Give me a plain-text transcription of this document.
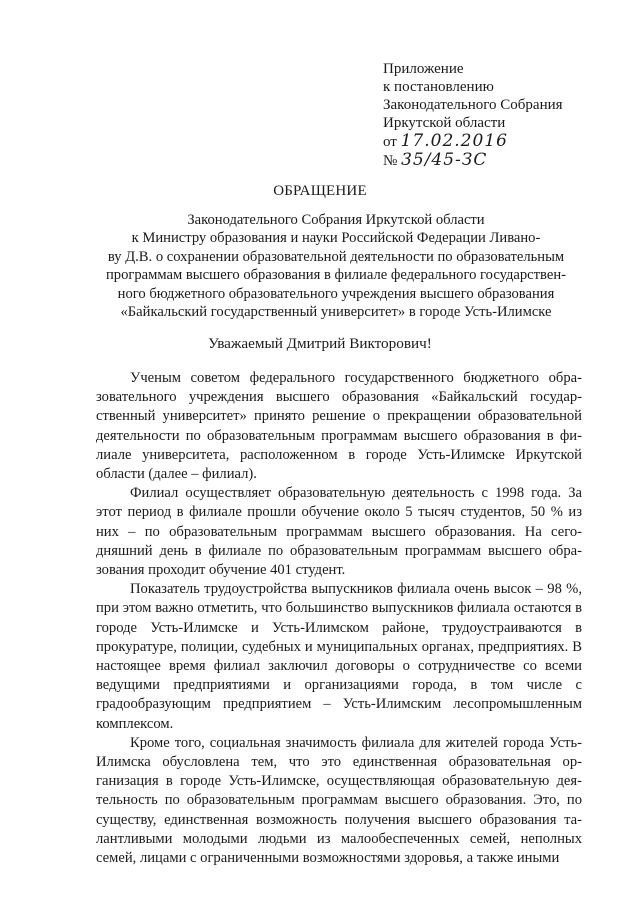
Приложение
к постановлению
Законодательного Собрания
Иркутской области
от 17.02.2016
№ 35/45-ЗС
ОБРАЩЕНИЕ
Законодательного Собрания Иркутской области
к Министру образования и науки Российской Федерации Ливано-
ву Д.В. о сохранении образовательной деятельности по образовательным
программам высшего образования в филиале федерального государствен-
ного бюджетного образовательного учреждения высшего образования
«Байкальский государственный университет» в городе Усть-Илимске
Уважаемый Дмитрий Викторович!

Ученым советом федерального государственного бюджетного образовательного учреждения высшего образования «Байкальский государственный университет» принято решение о прекращении образовательной деятельности по образовательным программам высшего образования в филиале университета, расположенном в городе Усть-Илимске Иркутской области (далее – филиал).

Филиал осуществляет образовательную деятельность с 1998 года. За этот период в филиале прошли обучение около 5 тысяч студентов, 50 % из них – по образовательным программам высшего образования. На сегодняшний день в филиале по образовательным программам высшего образования проходит обучение 401 студент.

Показатель трудоустройства выпускников филиала очень высок – 98 %, при этом важно отметить, что большинство выпускников филиала остаются в городе Усть-Илимске и Усть-Илимском районе, трудоустраиваются в прокуратуре, полиции, судебных и муниципальных органах, предприятиях. В настоящее время филиал заключил договоры о сотрудничестве со всеми ведущими предприятиями и организациями города, в том числе с градообразующим предприятием – Усть-Илимским лесопромышленным комплексом.

Кроме того, социальная значимость филиала для жителей города Усть-Илимска обусловлена тем, что это единственная образовательная организация в городе Усть-Илимске, осуществляющая образовательную деятельность по образовательным программам высшего образования. Это, по существу, единственная возможность получения высшего образования талантливыми молодыми людьми из малообеспеченных семей, неполных семей, лицами с ограниченными возможностями здоровья, а также иными
